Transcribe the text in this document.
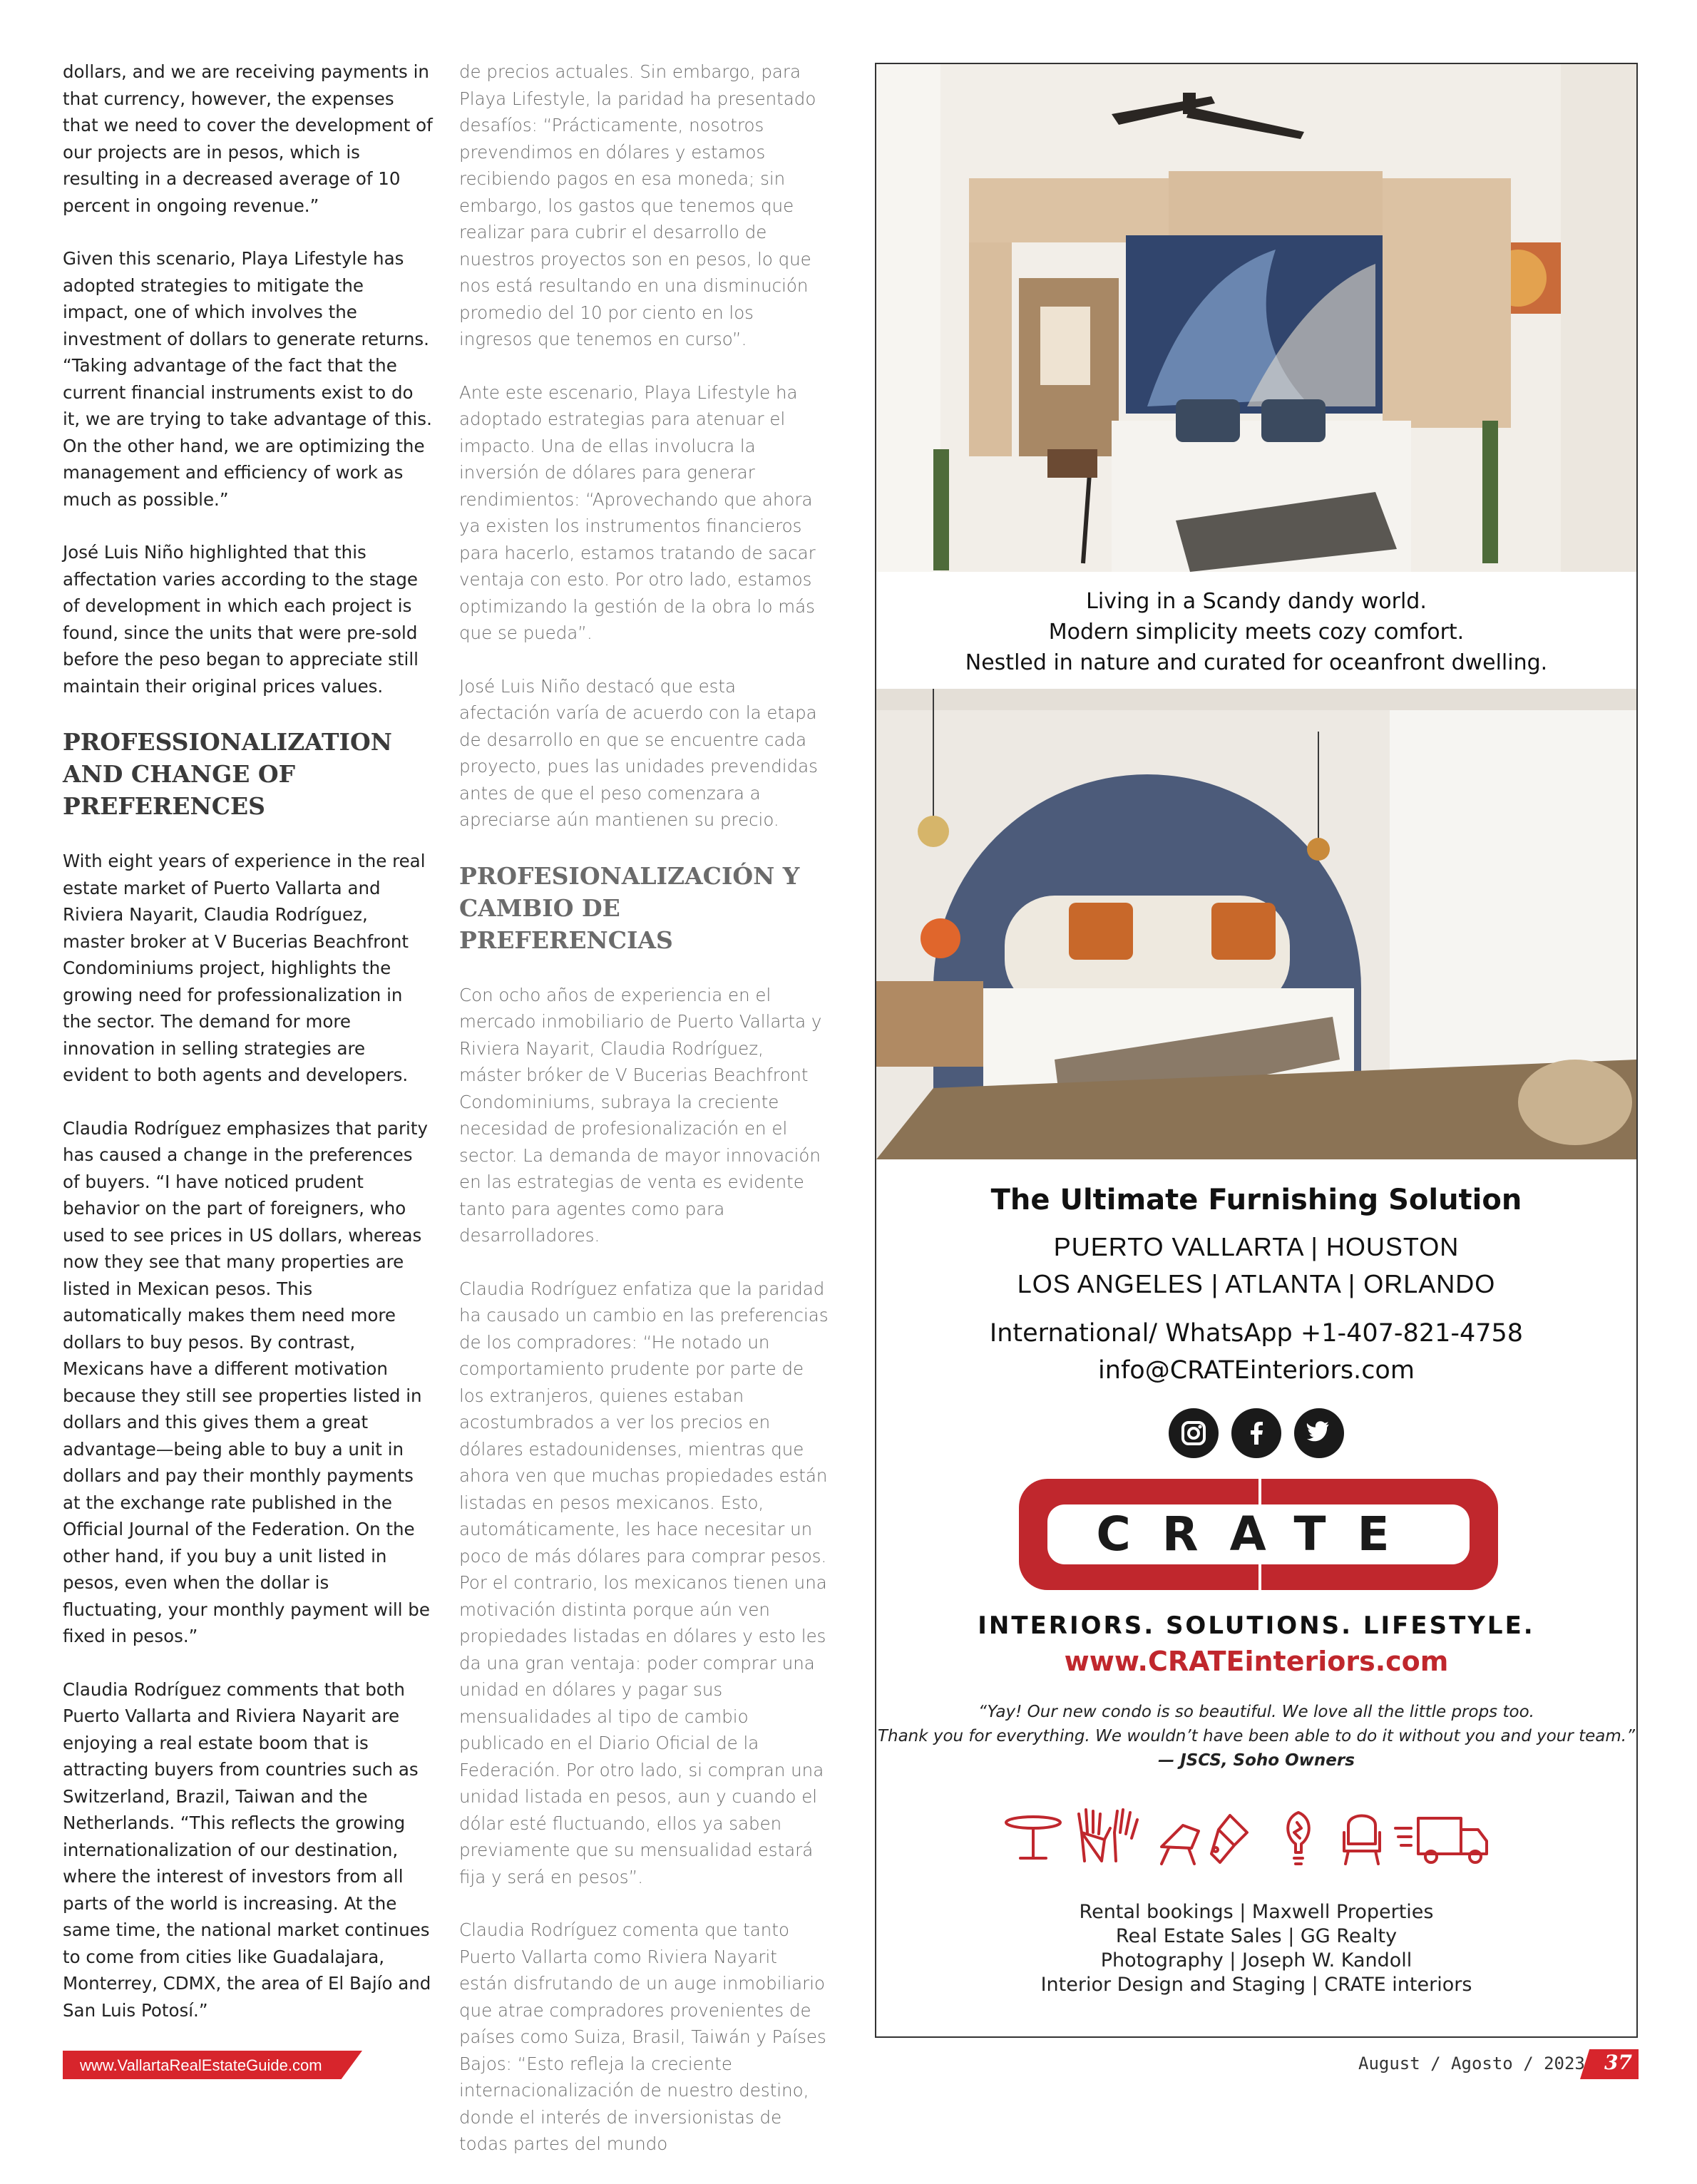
dollars, and we are receiving payments in that currency, however, the expenses that we need to cover the development of our projects are in pesos, which is resulting in a decreased average of 10 percent in ongoing revenue.”

Given this scenario, Playa Lifestyle has adopted strategies to mitigate the impact, one of which involves the investment of dollars to generate returns. “Taking advantage of the fact that the current financial instruments exist to do it, we are trying to take advantage of this. On the other hand, we are optimizing the management and efficiency of work as much as possible.”

José Luis Niño highlighted that this affectation varies according to the stage of development in which each project is found, since the units that were pre-sold before the peso began to appreciate still maintain their original prices values.

PROFESSIONALIZATION AND CHANGE OF PREFERENCES

With eight years of experience in the real estate market of Puerto Vallarta and Riviera Nayarit, Claudia Rodríguez, master broker at V Bucerias Beachfront Condominiums project, highlights the growing need for professionalization in the sector. The demand for more innovation in selling strategies are evident to both agents and developers.

Claudia Rodríguez emphasizes that parity has caused a change in the preferences of buyers. “I have noticed prudent behavior on the part of foreigners, who used to see prices in US dollars, whereas now they see that many properties are listed in Mexican pesos. This automatically makes them need more dollars to buy pesos. By contrast, Mexicans have a different motivation because they still see properties listed in dollars and this gives them a great advantage—being able to buy a unit in dollars and pay their monthly payments at the exchange rate published in the Official Journal of the Federation. On the other hand, if you buy a unit listed in pesos, even when the dollar is fluctuating, your monthly payment will be fixed in pesos.”

Claudia Rodríguez comments that both Puerto Vallarta and Riviera Nayarit are enjoying a real estate boom that is attracting buyers from countries such as Switzerland, Brazil, Taiwan and the Netherlands. “This reflects the growing internationalization of our destination, where the interest of investors from all parts of the world is increasing. At the same time, the national market continues to come from cities like Guadalajara, Monterrey, CDMX, the area of El Bajío and San Luis Potosí.”

de precios actuales. Sin embargo, para Playa Lifestyle, la paridad ha presentado desafíos: “Prácticamente, nosotros prevendimos en dólares y estamos recibiendo pagos en esa moneda; sin embargo, los gastos que tenemos que realizar para cubrir el desarrollo de nuestros proyectos son en pesos, lo que nos está resultando en una disminución promedio del 10 por ciento en los ingresos que tenemos en curso”.

Ante este escenario, Playa Lifestyle ha adoptado estrategias para atenuar el impacto. Una de ellas involucra la inversión de dólares para generar rendimientos: “Aprovechando que ahora ya existen los instrumentos financieros para hacerlo, estamos tratando de sacar ventaja con esto. Por otro lado, estamos optimizando la gestión de la obra lo más que se pueda”.

José Luis Niño destacó que esta afectación varía de acuerdo con la etapa de desarrollo en que se encuentre cada proyecto, pues las unidades prevendidas antes de que el peso comenzara a apreciarse aún mantienen su precio.

PROFESIONALIZACIÓN Y CAMBIO DE PREFERENCIAS

Con ocho años de experiencia en el mercado inmobiliario de Puerto Vallarta y Riviera Nayarit, Claudia Rodríguez, máster bróker de V Bucerias Beachfront Condominiums, subraya la creciente necesidad de profesionalización en el sector. La demanda de mayor innovación en las estrategias de venta es evidente tanto para agentes como para desarrolladores.

Claudia Rodríguez enfatiza que la paridad ha causado un cambio en las preferencias de los compradores: “He notado un comportamiento prudente por parte de los extranjeros, quienes estaban acostumbrados a ver los precios en dólares estadounidenses, mientras que ahora ven que muchas propiedades están listadas en pesos mexicanos. Esto, automáticamente, les hace necesitar un poco de más dólares para comprar pesos. Por el contrario, los mexicanos tienen una motivación distinta porque aún ven propiedades listadas en dólares y esto les da una gran ventaja: poder comprar una unidad en dólares y pagar sus mensualidades al tipo de cambio publicado en el Diario Oficial de la Federación. Por otro lado, si compran una unidad listada en pesos, aun y cuando el dólar esté fluctuando, ellos ya saben previamente que su mensualidad estará fija y será en pesos”.

Claudia Rodríguez comenta que tanto Puerto Vallarta como Riviera Nayarit están disfrutando de un auge inmobiliario que atrae compradores provenientes de países como Suiza, Brasil, Taiwán y Países Bajos: “Esto refleja la creciente internacionalización de nuestro destino, donde el interés de inversionistas de todas partes del mundo

Living in a Scandy dandy world.
Modern simplicity meets cozy comfort.
Nestled in nature and curated for oceanfront dwelling.
The Ultimate Furnishing Solution
PUERTO VALLARTA | HOUSTON
LOS ANGELES | ATLANTA | ORLANDO
International/ WhatsApp +1-407-821-4758
info@CRATEinteriors.com
CRATE
INTERIORS. SOLUTIONS. LIFESTYLE.
www.CRATEinteriors.com
“Yay! Our new condo is so beautiful. We love all the little props too.
Thank you for everything. We wouldn’t have been able to do it without you and your team.”
— JSCS, Soho Owners
Rental bookings | Maxwell Properties
Real Estate Sales | GG Realty
Photography | Joseph W. Kandoll
Interior Design and Staging | CRATE interiors
www.VallartaRealEstateGuide.com	August / Agosto / 2023 37
